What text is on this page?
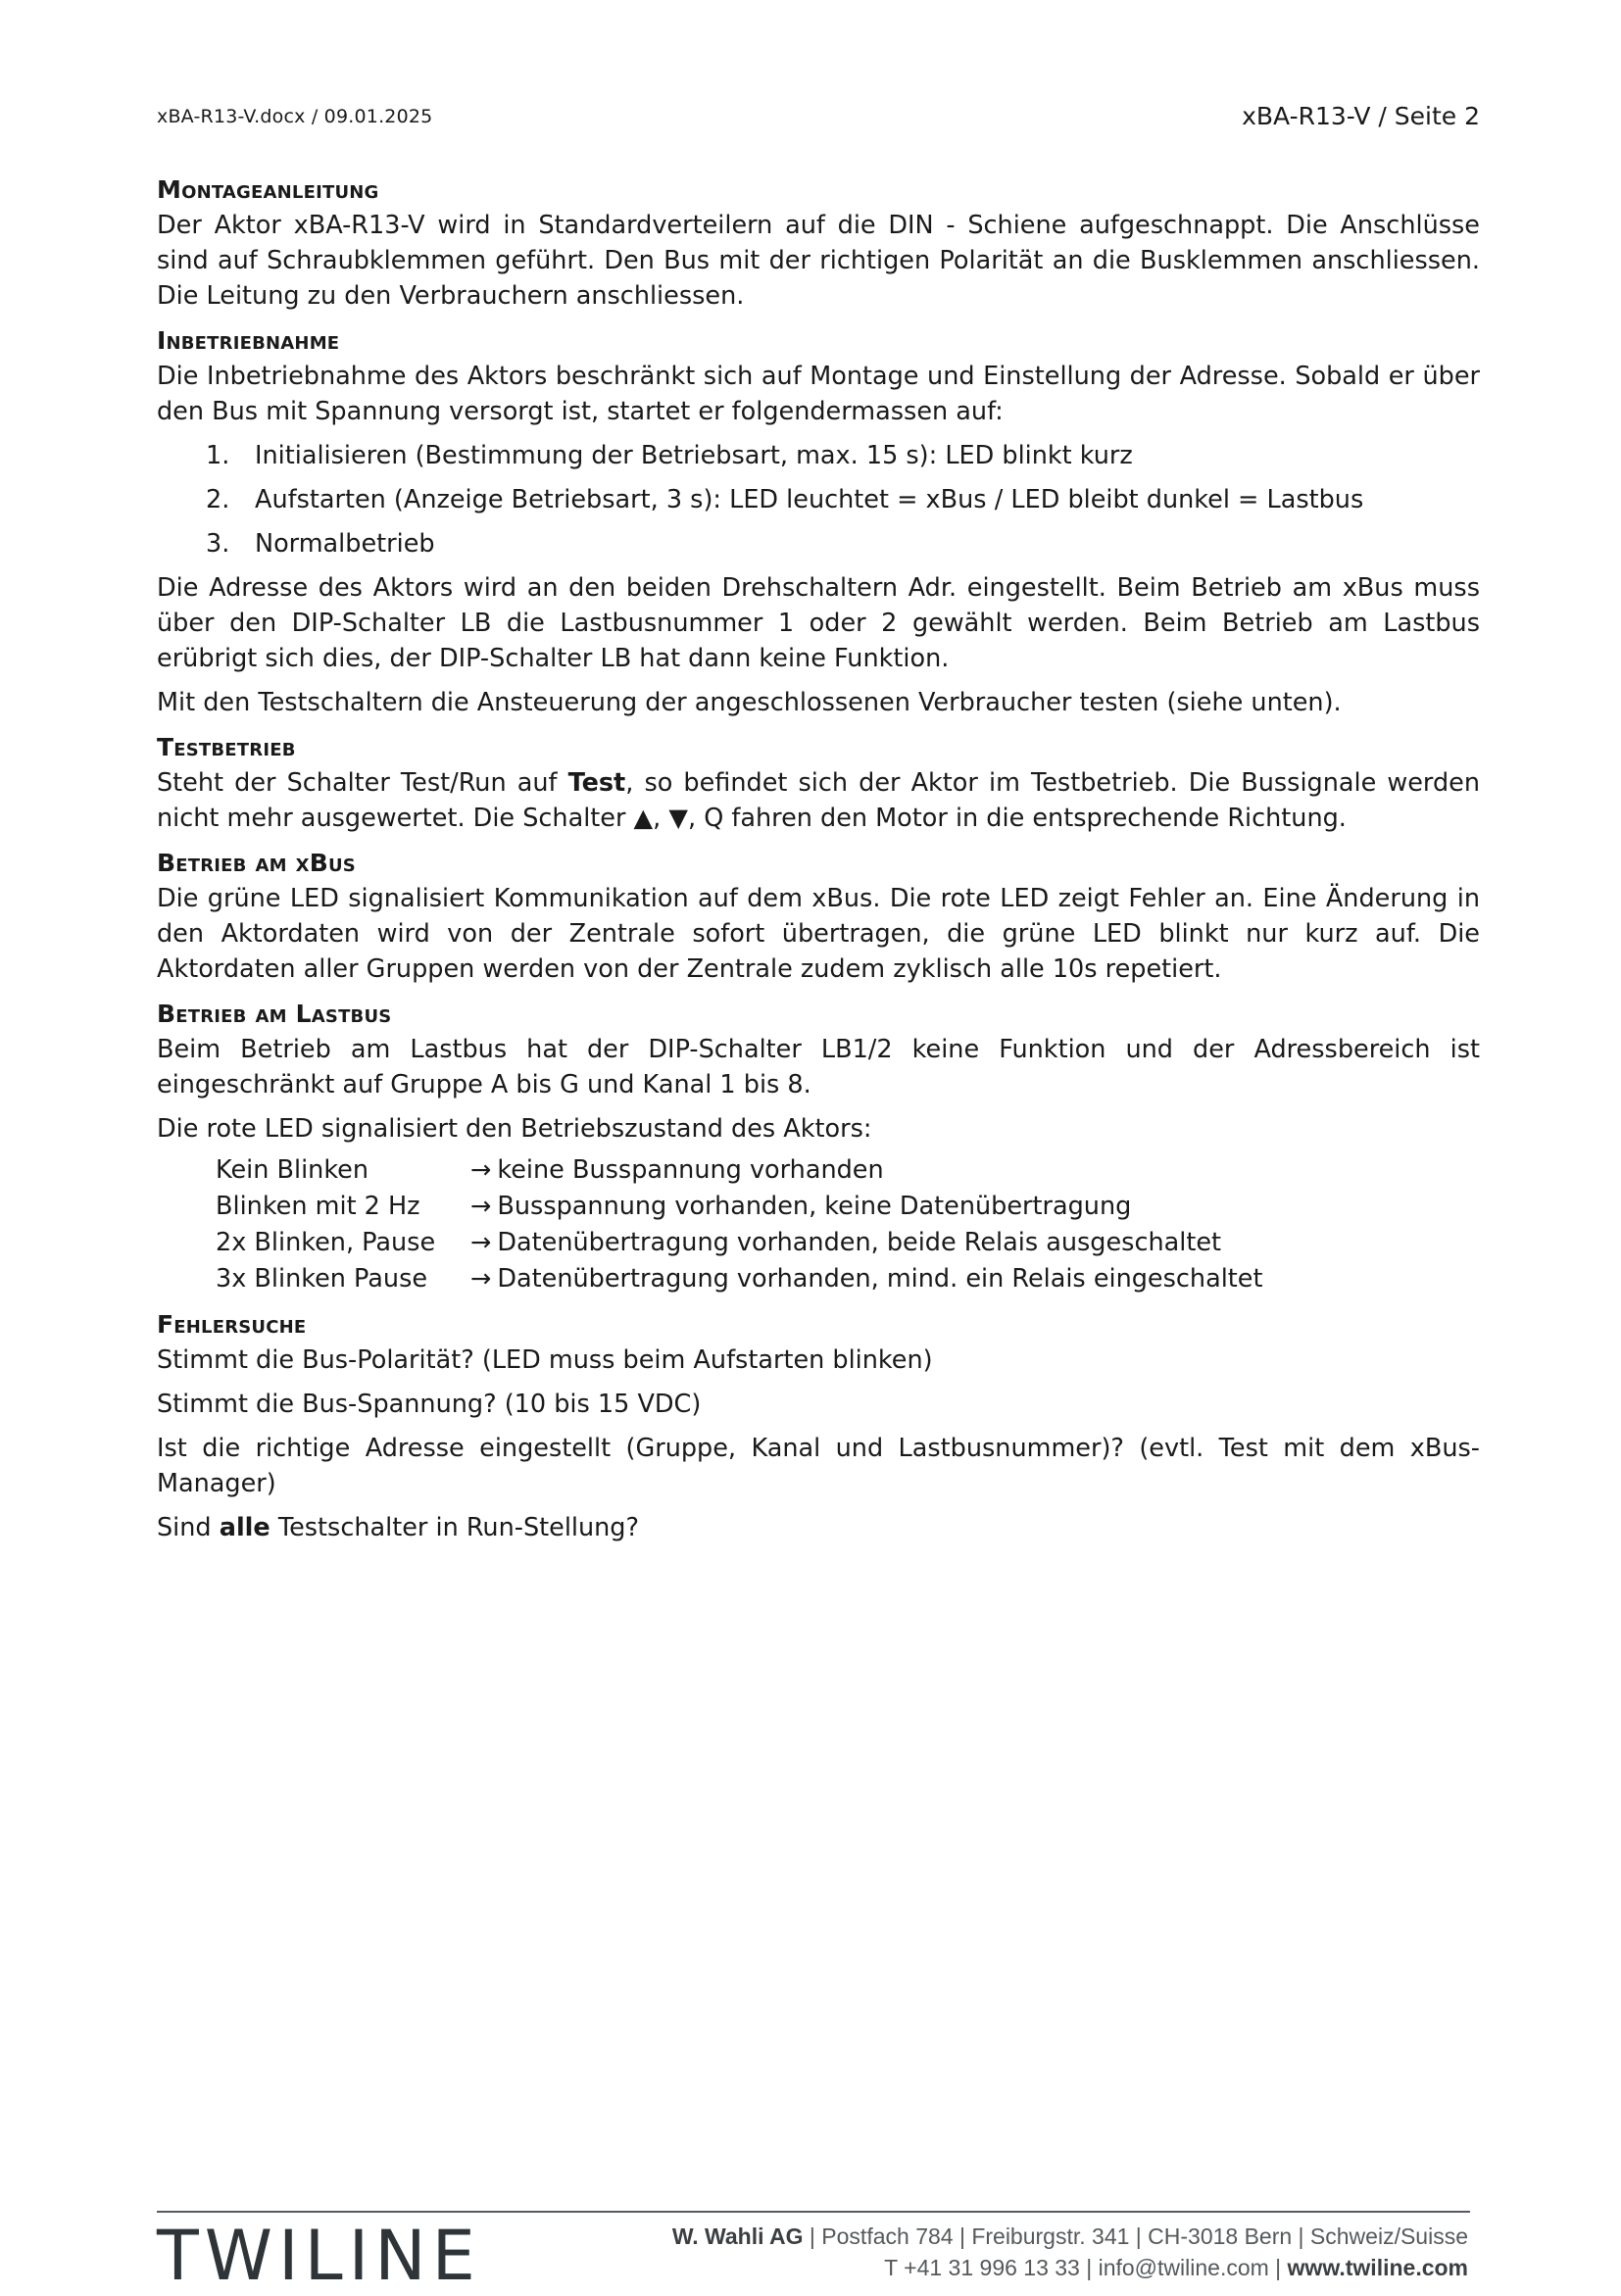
xBA-R13-V.docx / 09.01.2025	xBA-R13-V / Seite 2
Montageanleitung

Der Aktor xBA-R13-V wird in Standardverteilern auf die DIN - Schiene aufgeschnappt. Die Anschlüsse sind auf Schraubklemmen geführt. Den Bus mit der richtigen Polarität an die Busklemmen anschliessen. Die Leitung zu den Verbrauchern anschliessen.

Inbetriebnahme

Die Inbetriebnahme des Aktors beschränkt sich auf Montage und Einstellung der Adresse. Sobald er über den Bus mit Spannung versorgt ist, startet er folgendermassen auf:

1.	Initialisieren (Bestimmung der Betriebsart, max. 15 s): LED blinkt kurz
2.	Aufstarten (Anzeige Betriebsart, 3 s): LED leuchtet = xBus / LED bleibt dunkel = Lastbus
3.	Normalbetrieb

Die Adresse des Aktors wird an den beiden Drehschaltern Adr. eingestellt. Beim Betrieb am xBus muss über den DIP-Schalter LB die Lastbusnummer 1 oder 2 gewählt werden. Beim Betrieb am Lastbus erübrigt sich dies, der DIP-Schalter LB hat dann keine Funktion.

Mit den Testschaltern die Ansteuerung der angeschlossenen Verbraucher testen (siehe unten).

Testbetrieb

Steht der Schalter Test/Run auf Test, so befindet sich der Aktor im Testbetrieb. Die Bussignale werden nicht mehr ausgewertet. Die Schalter ▲, ▼, Q fahren den Motor in die entsprechende Richtung.

Betrieb am xBus

Die grüne LED signalisiert Kommunikation auf dem xBus. Die rote LED zeigt Fehler an. Eine Änderung in den Aktordaten wird von der Zentrale sofort übertragen, die grüne LED blinkt nur kurz auf. Die Aktordaten aller Gruppen werden von der Zentrale zudem zyklisch alle 10s repetiert.

Betrieb am Lastbus

Beim Betrieb am Lastbus hat der DIP-Schalter LB1/2 keine Funktion und der Adressbereich ist eingeschränkt auf Gruppe A bis G und Kanal 1 bis 8.

Die rote LED signalisiert den Betriebszustand des Aktors:

Kein Blinken	→ keine Busspannung vorhanden
Blinken mit 2 Hz	→ Busspannung vorhanden, keine Datenübertragung
2x Blinken, Pause	→ Datenübertragung vorhanden, beide Relais ausgeschaltet
3x Blinken Pause	→ Datenübertragung vorhanden, mind. ein Relais eingeschaltet
Fehlersuche

Stimmt die Bus-Polarität? (LED muss beim Aufstarten blinken)

Stimmt die Bus-Spannung? (10 bis 15 VDC)

Ist die richtige Adresse eingestellt (Gruppe, Kanal und Lastbusnummer)? (evtl. Test mit dem xBus-Manager)

Sind alle Testschalter in Run-Stellung?

TWILINE	W. Wahli AG | Postfach 784 | Freiburgstr. 341 | CH-3018 Bern | Schweiz/Suisse
T +41 31 996 13 33 | info@twiline.com | www.twiline.com
